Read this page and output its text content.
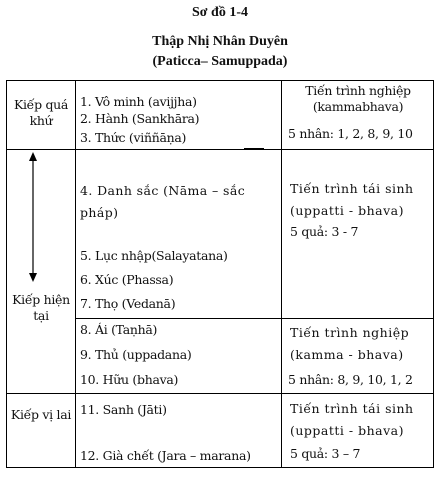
Sơ đồ 1-4
Thập Nhị Nhân Duyên
(Paticca– Samuppada)
Kiếp quá khứ
1. Vô minh (avijjha)
2. Hành (Sankhāra)
3. Thức (viññāṇa)
Tiến trình nghiệp (kammabhava)
5 nhân: 1, 2, 8, 9, 10
Kiếp hiện tại
4. Danh sắc (Nāma – sắc pháp)
5. Lục nhập(Salayatana)
6. Xúc (Phassa)
7. Thọ (Vedanā)
Tiến trình tái sinh (uppatti - bhava)
5 quả: 3 - 7
8. Ái (Taṇhā)
9. Thủ (uppadana)
10. Hữu (bhava)
Tiến trình nghiệp (kamma - bhava)
5 nhân: 8, 9, 10, 1, 2
Kiếp vị lai 11. Sanh (Jāti)
12. Già chết (Jara – marana)
Tiến trình tái sinh (uppatti - bhava)
5 quả: 3 – 7
